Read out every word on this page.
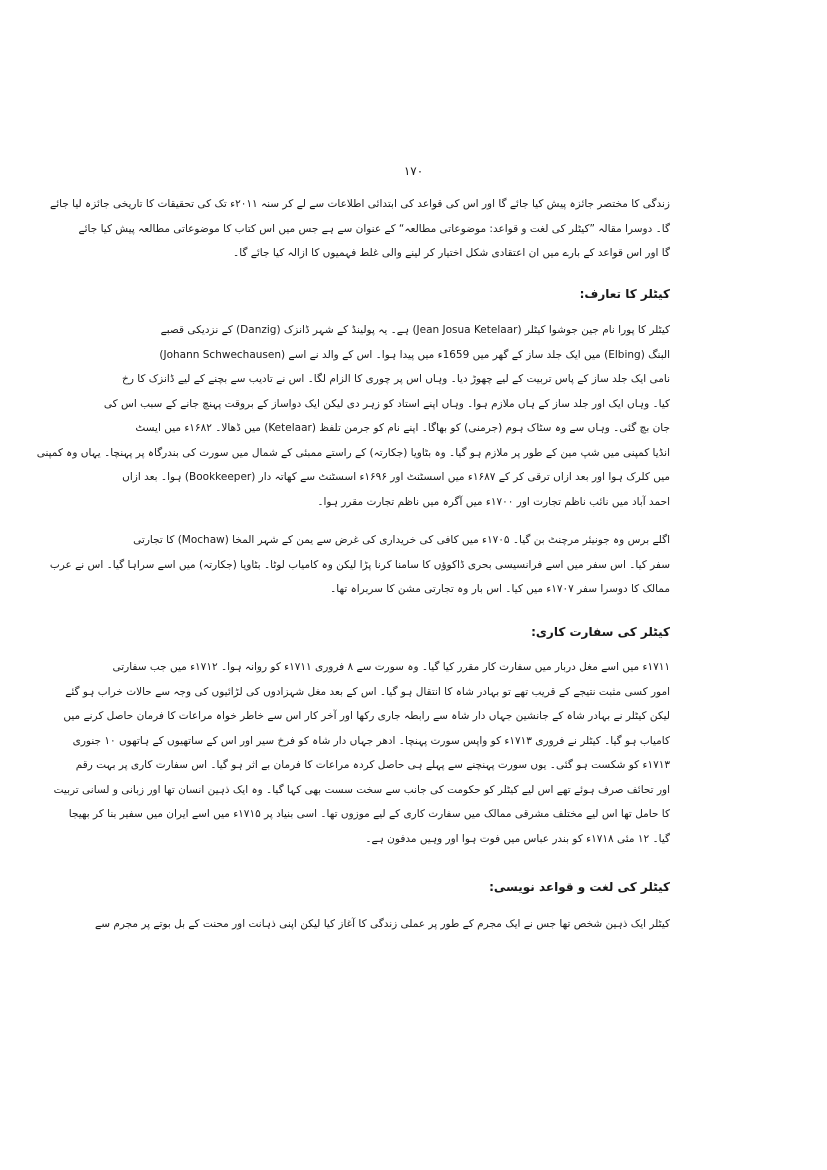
۱۷۰
زندگی کا مختصر جائزہ پیش کیا جائے گا اور اس کی قواعد کی ابتدائی اطلاعات سے لے کر سنہ ۲۰۱۱ء تک کی تحقیقات کا تاریخی جائزہ لیا جائے
گا۔ دوسرا مقالہ ”کیٹلر کی لغت و قواعد: موضوعاتی مطالعہ“ کے عنوان سے ہے جس میں اس کتاب کا موضوعاتی مطالعہ پیش کیا جائے
گا اور اس قواعد کے بارے میں ان اعتقادی شکل اختیار کر لینے والی غلط فہمیوں کا ازالہ کیا جائے گا۔
کیٹلر کا تعارف:
کیٹلر کا پورا نام جین جوشوا کیٹلر (Jean Josua Ketelaar) ہے۔ یہ پولینڈ کے شہر ڈانزک (Danzig) کے نزدیکی قصبے
البنگ (Elbing) میں ایک جلد ساز کے گھر میں 1659ء میں پیدا ہوا۔ اس کے والد نے اسے (Johann Schwechausen)
نامی ایک جلد ساز کے پاس تربیت کے لیے چھوڑ دیا۔ وہاں اس پر چوری کا الزام لگا۔ اس نے تادیب سے بچنے کے لیے ڈانزک کا رخ
کیا۔ وہاں ایک اور جلد ساز کے ہاں ملازم ہوا۔ وہاں اپنے استاد کو زہر دی لیکن ایک دواساز کے بروقت پہنچ جانے کے سبب اس کی
جان بچ گئی۔ وہاں سے وہ سٹاک ہوم (جرمنی) کو بھاگا۔ اپنے نام کو جرمن تلفظ (Ketelaar) میں ڈھالا۔ ۱۶۸۲ء میں ایسٹ
انڈیا کمپنی میں شپ مین کے طور پر ملازم ہو گیا۔ وہ بٹاویا (جکارتہ) کے راستے ممبئی کے شمال میں سورت کی بندرگاہ پر پہنچا۔ یہاں وہ کمپنی
میں کلرک ہوا اور بعد ازاں ترقی کر کے ۱۶۸۷ء میں اسسٹنٹ اور ۱۶۹۶ء اسسٹنٹ سے کھاتہ دار (Bookkeeper) ہوا۔ بعد ازاں
احمد آباد میں نائب ناظم تجارت اور ۱۷۰۰ء میں آگرہ میں ناظم تجارت مقرر ہوا۔
اگلے برس وہ جونیئر مرچنٹ بن گیا۔ ۱۷۰۵ء میں کافی کی خریداری کی غرض سے یمن کے شہر المخا (Mochaw) کا تجارتی
سفر کیا۔ اس سفر میں اسے فرانسیسی بحری ڈاکوؤں کا سامنا کرنا پڑا لیکن وہ کامیاب لوٹا۔ بٹاویا (جکارتہ) میں اسے سراہا گیا۔ اس نے عرب
ممالک کا دوسرا سفر ۱۷۰۷ء میں کیا۔ اس بار وہ تجارتی مشن کا سربراہ تھا۔
کیٹلر کی سفارت کاری:
۱۷۱۱ء میں اسے مغل دربار میں سفارت کار مقرر کیا گیا۔ وہ سورت سے ۸ فروری ۱۷۱۱ء کو روانہ ہوا۔ ۱۷۱۲ء میں جب سفارتی
امور کسی مثبت نتیجے کے قریب تھے تو بہادر شاہ کا انتقال ہو گیا۔ اس کے بعد مغل شہزادوں کی لڑائیوں کی وجہ سے حالات خراب ہو گئے
لیکن کیٹلر نے بہادر شاہ کے جانشین جہاں دار شاہ سے رابطہ جاری رکھا اور آخر کار اس سے خاطر خواہ مراعات کا فرمان حاصل کرنے میں
کامیاب ہو گیا۔ کیٹلر نے فروری ۱۷۱۳ء کو واپس سورت پہنچا۔ ادھر جہاں دار شاہ کو فرخ سیر اور اس کے ساتھیوں کے ہاتھوں ۱۰ جنوری
۱۷۱۳ء کو شکست ہو گئی۔ یوں سورت پہنچنے سے پہلے ہی حاصل کردہ مراعات کا فرمان بے اثر ہو گیا۔ اس سفارت کاری پر بہت رقم
اور تحائف صرف ہوئے تھے اس لیے کیٹلر کو حکومت کی جانب سے سخت سست بھی کہا گیا۔ وہ ایک ذہین انسان تھا اور زبانی و لسانی تربیت
کا حامل تھا اس لیے مختلف مشرقی ممالک میں سفارت کاری کے لیے موزوں تھا۔ اسی بنیاد پر ۱۷۱۵ء میں اسے ایران میں سفیر بنا کر بھیجا
گیا۔ ۱۲ مئی ۱۷۱۸ء کو بندر عباس میں فوت ہوا اور وہیں مدفون ہے۔
کیٹلر کی لغت و قواعد نویسی:
کیٹلر ایک ذہین شخص تھا جس نے ایک مجرم کے طور پر عملی زندگی کا آغاز کیا لیکن اپنی ذہانت اور محنت کے بل بوتے پر مجرم سے
